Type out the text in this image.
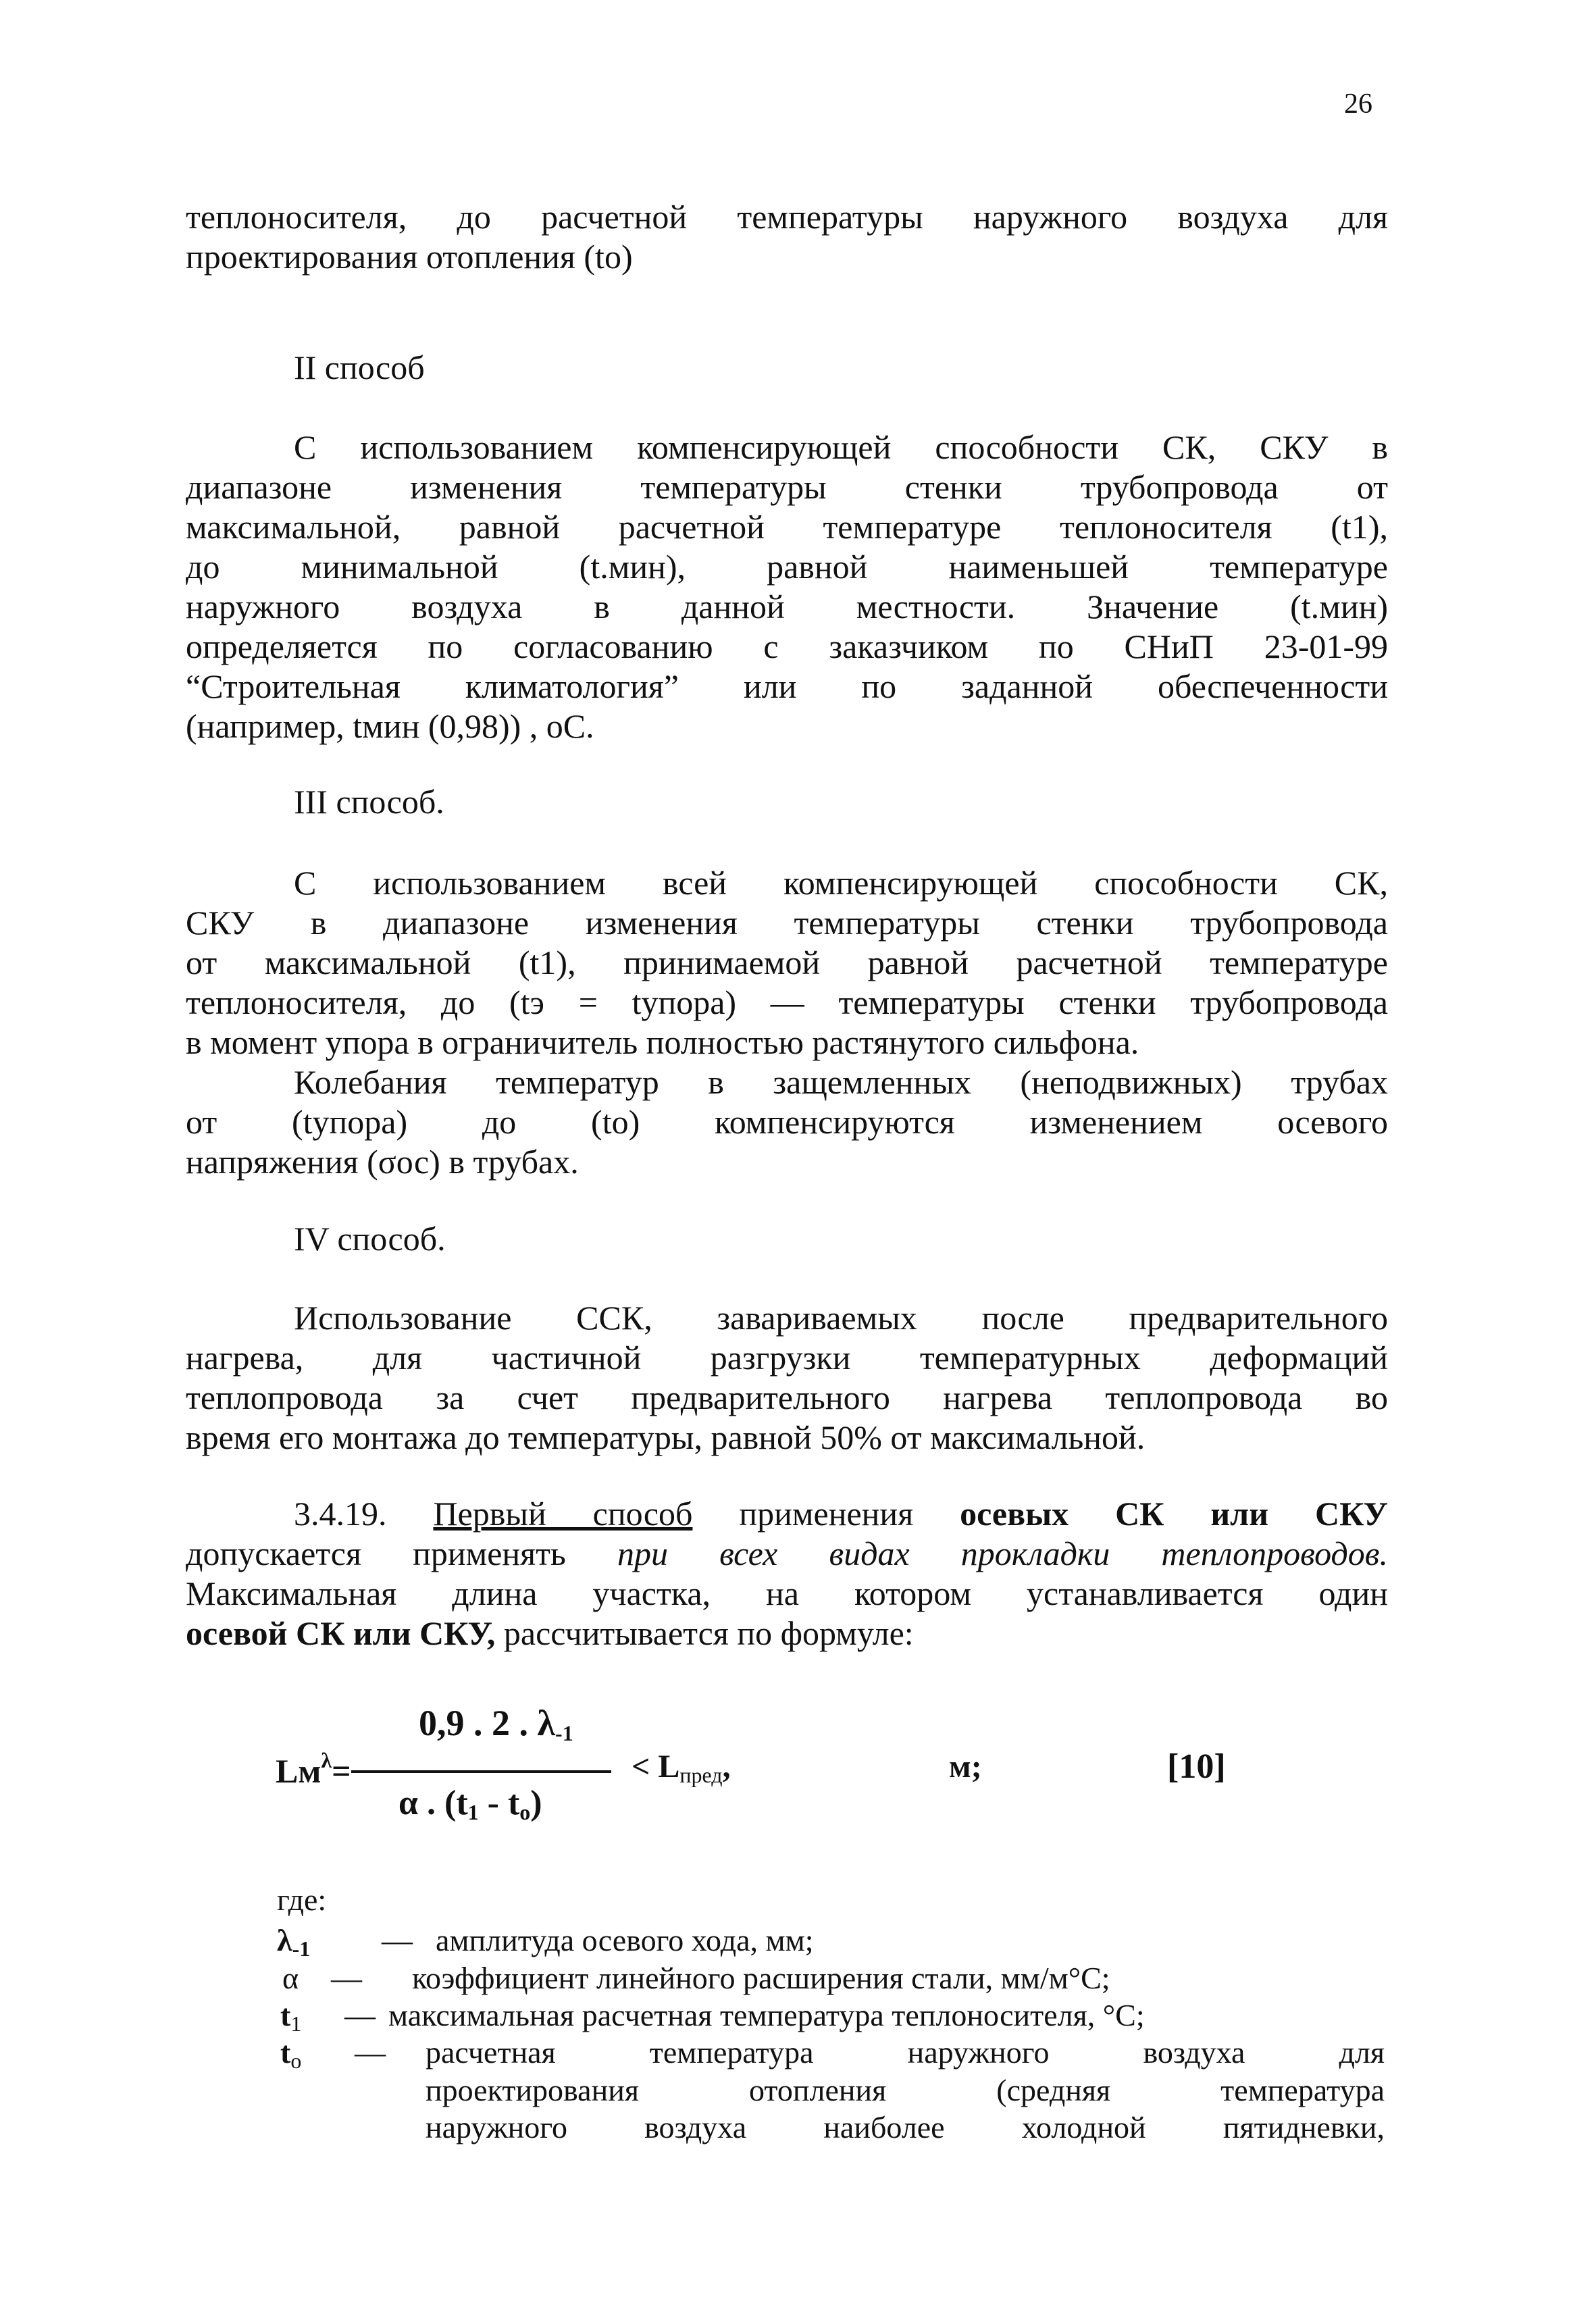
26
теплоносителя, до расчетной температуры наружного воздуха для
проектирования отопления (to)
II способ
С использованием компенсирующей способности СК, СКУ в
диапазоне изменения температуры стенки трубопровода от
максимальной, равной расчетной температуре теплоносителя (t1),
до минимальной (t.мин), равной наименьшей температуре
наружного воздуха в данной местности. Значение (t.мин)
определяется по согласованию с заказчиком по СНиП 23-01-99
“Строительная климатология” или по заданной обеспеченности
(например, tмин (0,98)) , оС.
III способ.
С использованием всей компенсирующей способности СК,
СКУ в диапазоне изменения температуры стенки трубопровода
от максимальной (t1), принимаемой равной расчетной температуре
теплоносителя, до (tэ = tупора) — температуры стенки трубопровода
в момент упора в ограничитель полностью растянутого сильфона.
Колебания температур в защемленных (неподвижных) трубах
от (tупора) до (to) компенсируются изменением осевого
напряжения (σос) в трубах.
IV способ.
Использование ССК, завариваемых после предварительного
нагрева, для частичной разгрузки температурных деформаций
теплопровода за счет предварительного нагрева теплопровода во
время его монтажа до температуры, равной 50% от максимальной.
3.4.19. Первый способ применения осевых СК или СКУ
допускается применять при всех видах прокладки теплопроводов.
Максимальная длина участка, на котором устанавливается один
осевой СК или СКУ, рассчитывается по формуле:
$Lм^\lambda=$
0,9 . 2 . $\lambda_{-1}$
α . $(t_1 - t_o)$
< $L_{пред}$,	м;	[10]
где:
$\lambda_{-1}$	— амплитуда осевого хода, мм;
α	— коэффициент линейного расширения стали, мм/м°С;
$t_1$	— максимальная расчетная температура теплоносителя, °С;
$t_o$	— расчетная температура наружного воздуха для
проектирования отопления (средняя температура
наружного воздуха наиболее холодной пятидневки,
